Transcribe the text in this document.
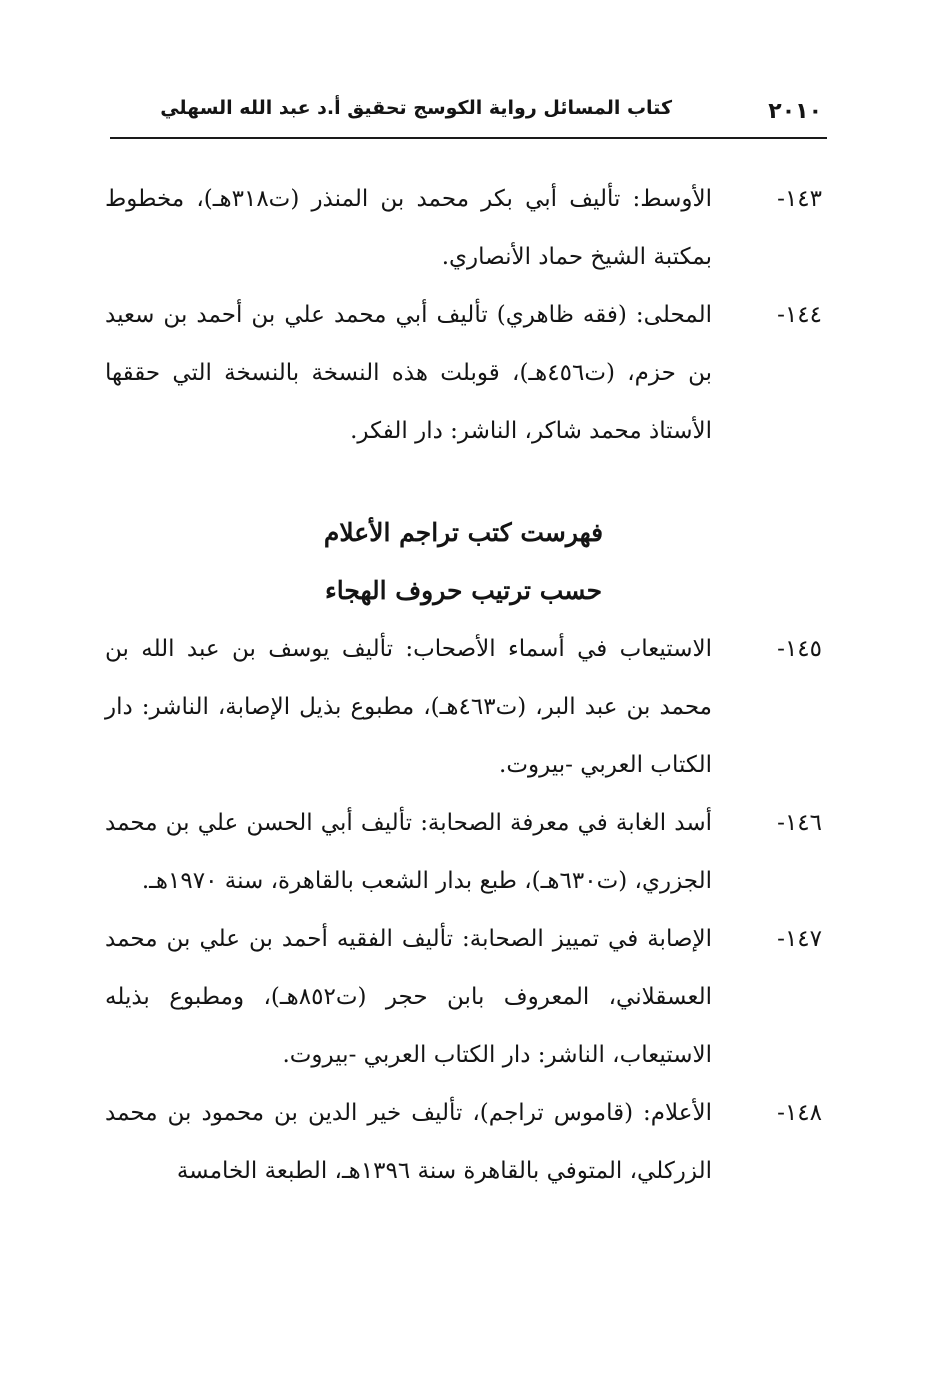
٢٠١٠
كتاب المسائل رواية الكوسج تحقيق أ.د عبد الله السهلي
١٤٣-

الأوسط: تأليف أبي بكر محمد بن المنذر (ت٣١٨هـ)، مخطوط بمكتبة الشيخ حماد الأنصاري.

١٤٤-

المحلى: (فقه ظاهري) تأليف أبي محمد علي بن أحمد بن سعيد بن حزم، (ت٤٥٦هـ)، قوبلت هذه النسخة بالنسخة التي حققها الأستاذ محمد شاكر، الناشر: دار الفكر.

فهرست كتب تراجم الأعلام

حسب ترتيب حروف الهجاء

١٤٥-

الاستيعاب في أسماء الأصحاب: تأليف يوسف بن عبد الله بن محمد بن عبد البر، (ت٤٦٣هـ)، مطبوع بذيل الإصابة، الناشر: دار الكتاب العربي -بيروت.

١٤٦-

أسد الغابة في معرفة الصحابة: تأليف أبي الحسن علي بن محمد الجزري، (ت٦٣٠هـ)، طبع بدار الشعب بالقاهرة، سنة ١٩٧٠هـ.

١٤٧-

الإصابة في تمييز الصحابة: تأليف الفقيه أحمد بن علي بن محمد العسقلاني، المعروف بابن حجر (ت٨٥٢هـ)، ومطبوع بذيله الاستيعاب، الناشر: دار الكتاب العربي -بيروت.

١٤٨-

الأعلام: (قاموس تراجم)، تأليف خير الدين بن محمود بن محمد الزركلي، المتوفي بالقاهرة سنة ١٣٩٦هـ، الطبعة الخامسة
